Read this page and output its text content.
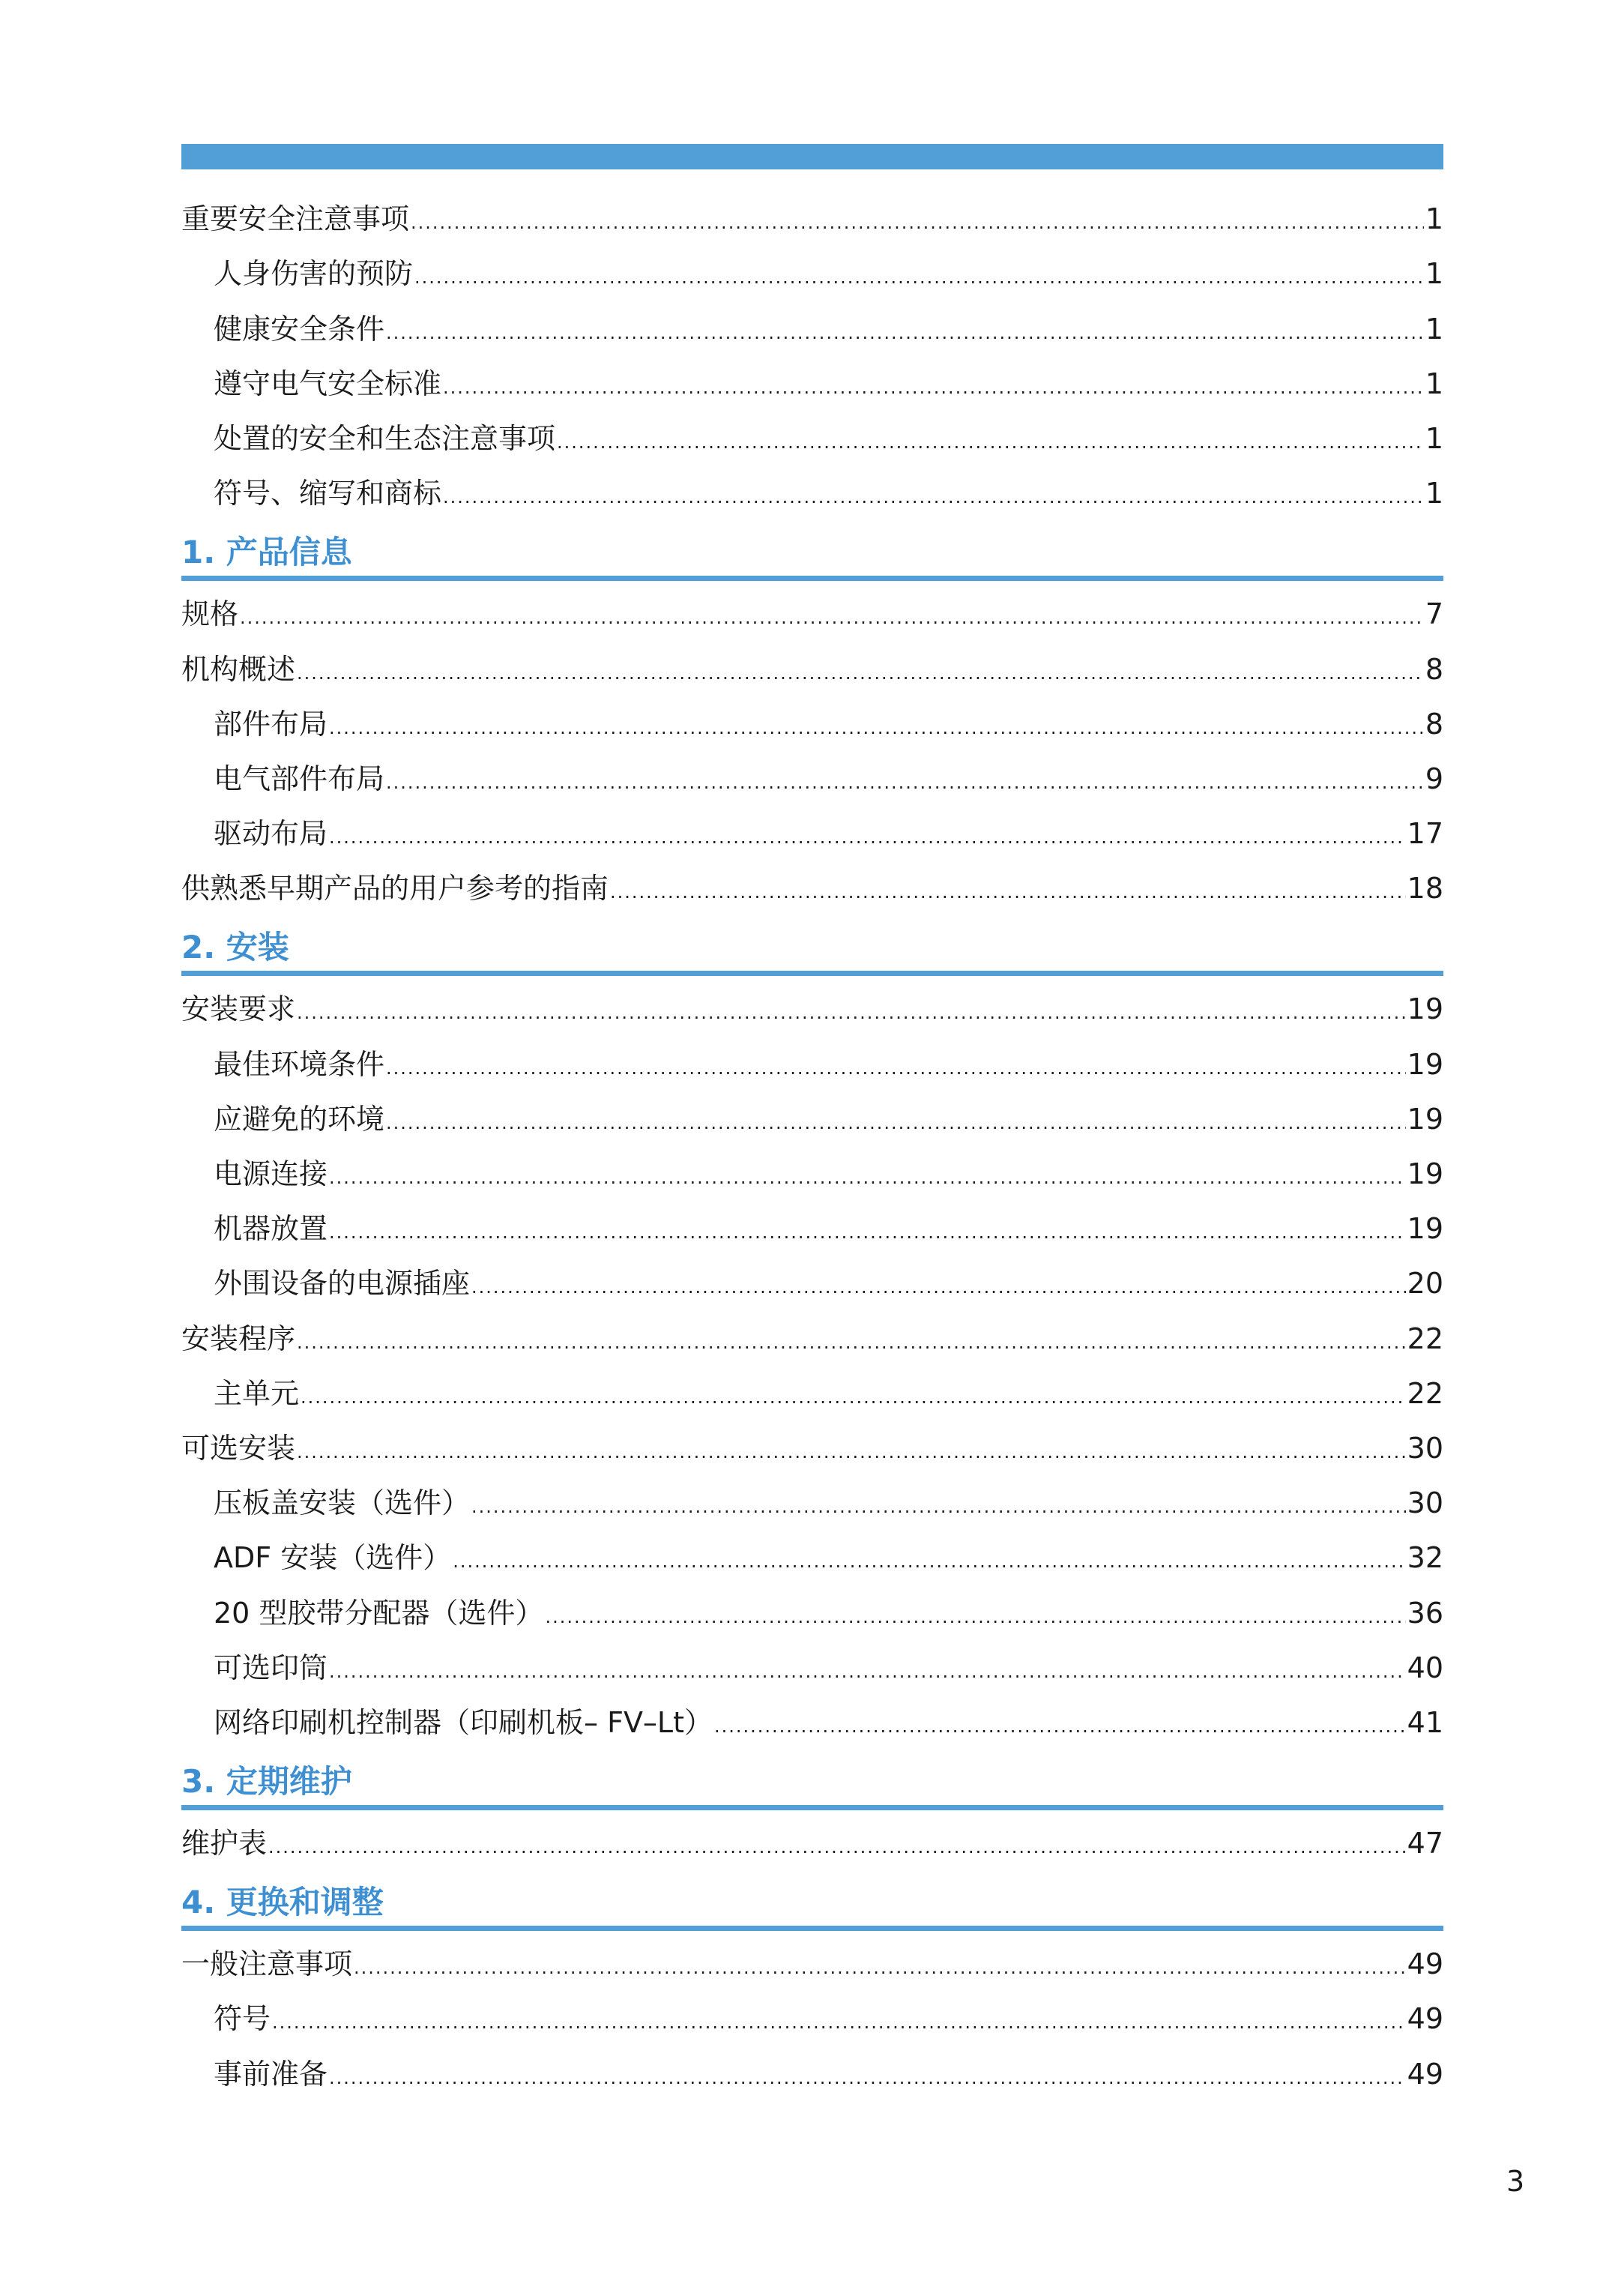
重要安全注意事项 .....	1
人身伤害的预防 .....	1
健康安全条件 .....	1
遵守电气安全标准 .....	1
处置的安全和生态注意事项 .....	1
符号、缩写和商标 .....	1
1. 产品信息
规格 .....	7
机构概述 .....	8
部件布局 .....	8
电气部件布局 .....	9
驱动布局 .....	17
供熟悉早期产品的用户参考的指南 .....	18
2. 安装
安装要求 .....	19
最佳环境条件 .....	19
应避免的环境 .....	19
电源连接 .....	19
机器放置 .....	19
外围设备的电源插座 .....	20
安装程序 .....	22
主单元 .....	22
可选安装 .....	30
压板盖安装（选件） .....	30
ADF 安装（选件） .....	32
20 型胶带分配器（选件） .....	36
可选印筒 .....	40
网络印刷机控制器（印刷机板– FV–Lt） .....	41
3. 定期维护
维护表 .....	47
4. 更换和调整
一般注意事项 .....	49
符号 .....	49
事前准备 .....	49
3
